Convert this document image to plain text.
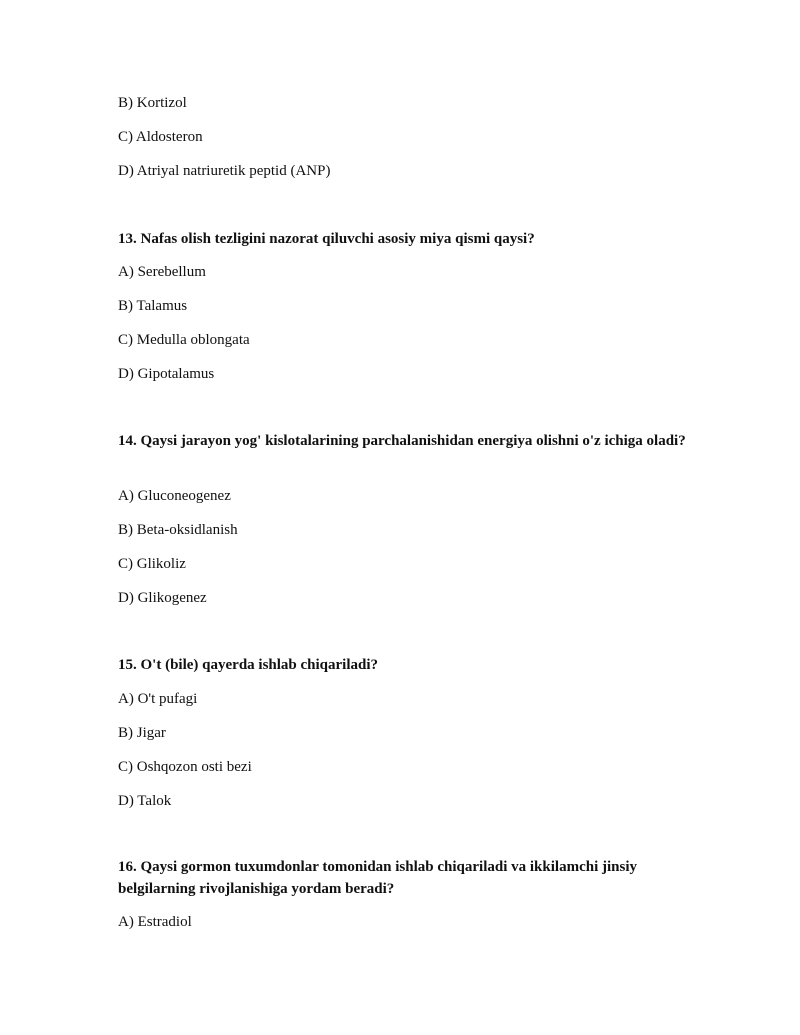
B) Kortizol
C) Aldosteron
D) Atriyal natriuretik peptid (ANP)
13. Nafas olish tezligini nazorat qiluvchi asosiy miya qismi qaysi?
A) Serebellum
B) Talamus
C) Medulla oblongata
D) Gipotalamus
14. Qaysi jarayon yog' kislotalarining parchalanishidan energiya olishni o'z ichiga oladi?
A) Gluconeogenez
B) Beta-oksidlanish
C) Glikoliz
D) Glikogenez
15. O't (bile) qayerda ishlab chiqariladi?
A) O't pufagi
B) Jigar
C) Oshqozon osti bezi
D) Talok
16. Qaysi gormon tuxumdonlar tomonidan ishlab chiqariladi va ikkilamchi jinsiy belgilarning rivojlanishiga yordam beradi?
A) Estradiol
